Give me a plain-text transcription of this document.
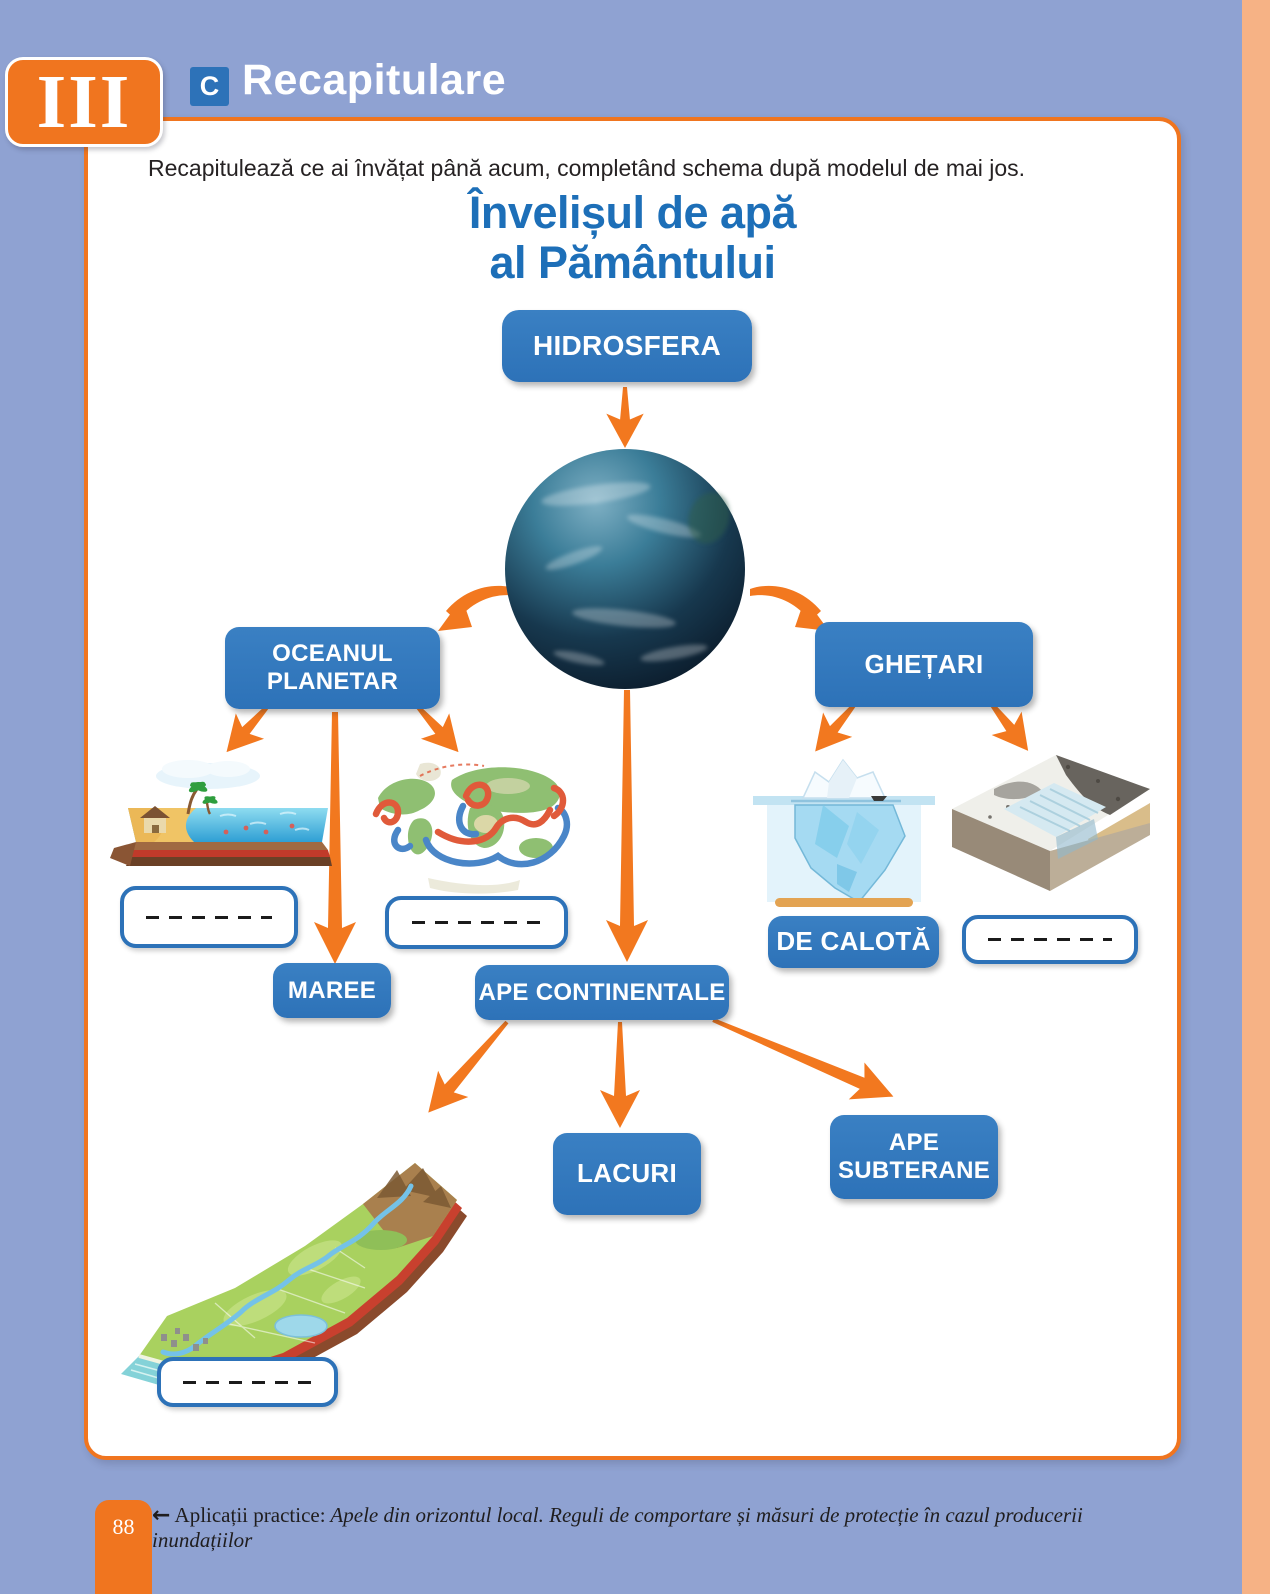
III	C Recapitulare
Recapitulează ce ai învățat până acum, completând schema după modelul de mai jos.
Învelișul de apă
al Pământului
HIDROSFERA
OCEANUL
PLANETAR
GHEȚARI
DE CALOTĂ
MAREE	APE CONTINENTALE
LACURI
APE
SUBTERANE
88 ← Aplicații practice: Apele din orizontul local. Reguli de comportare și măsuri de protecție în cazul producerii inundațiilor
